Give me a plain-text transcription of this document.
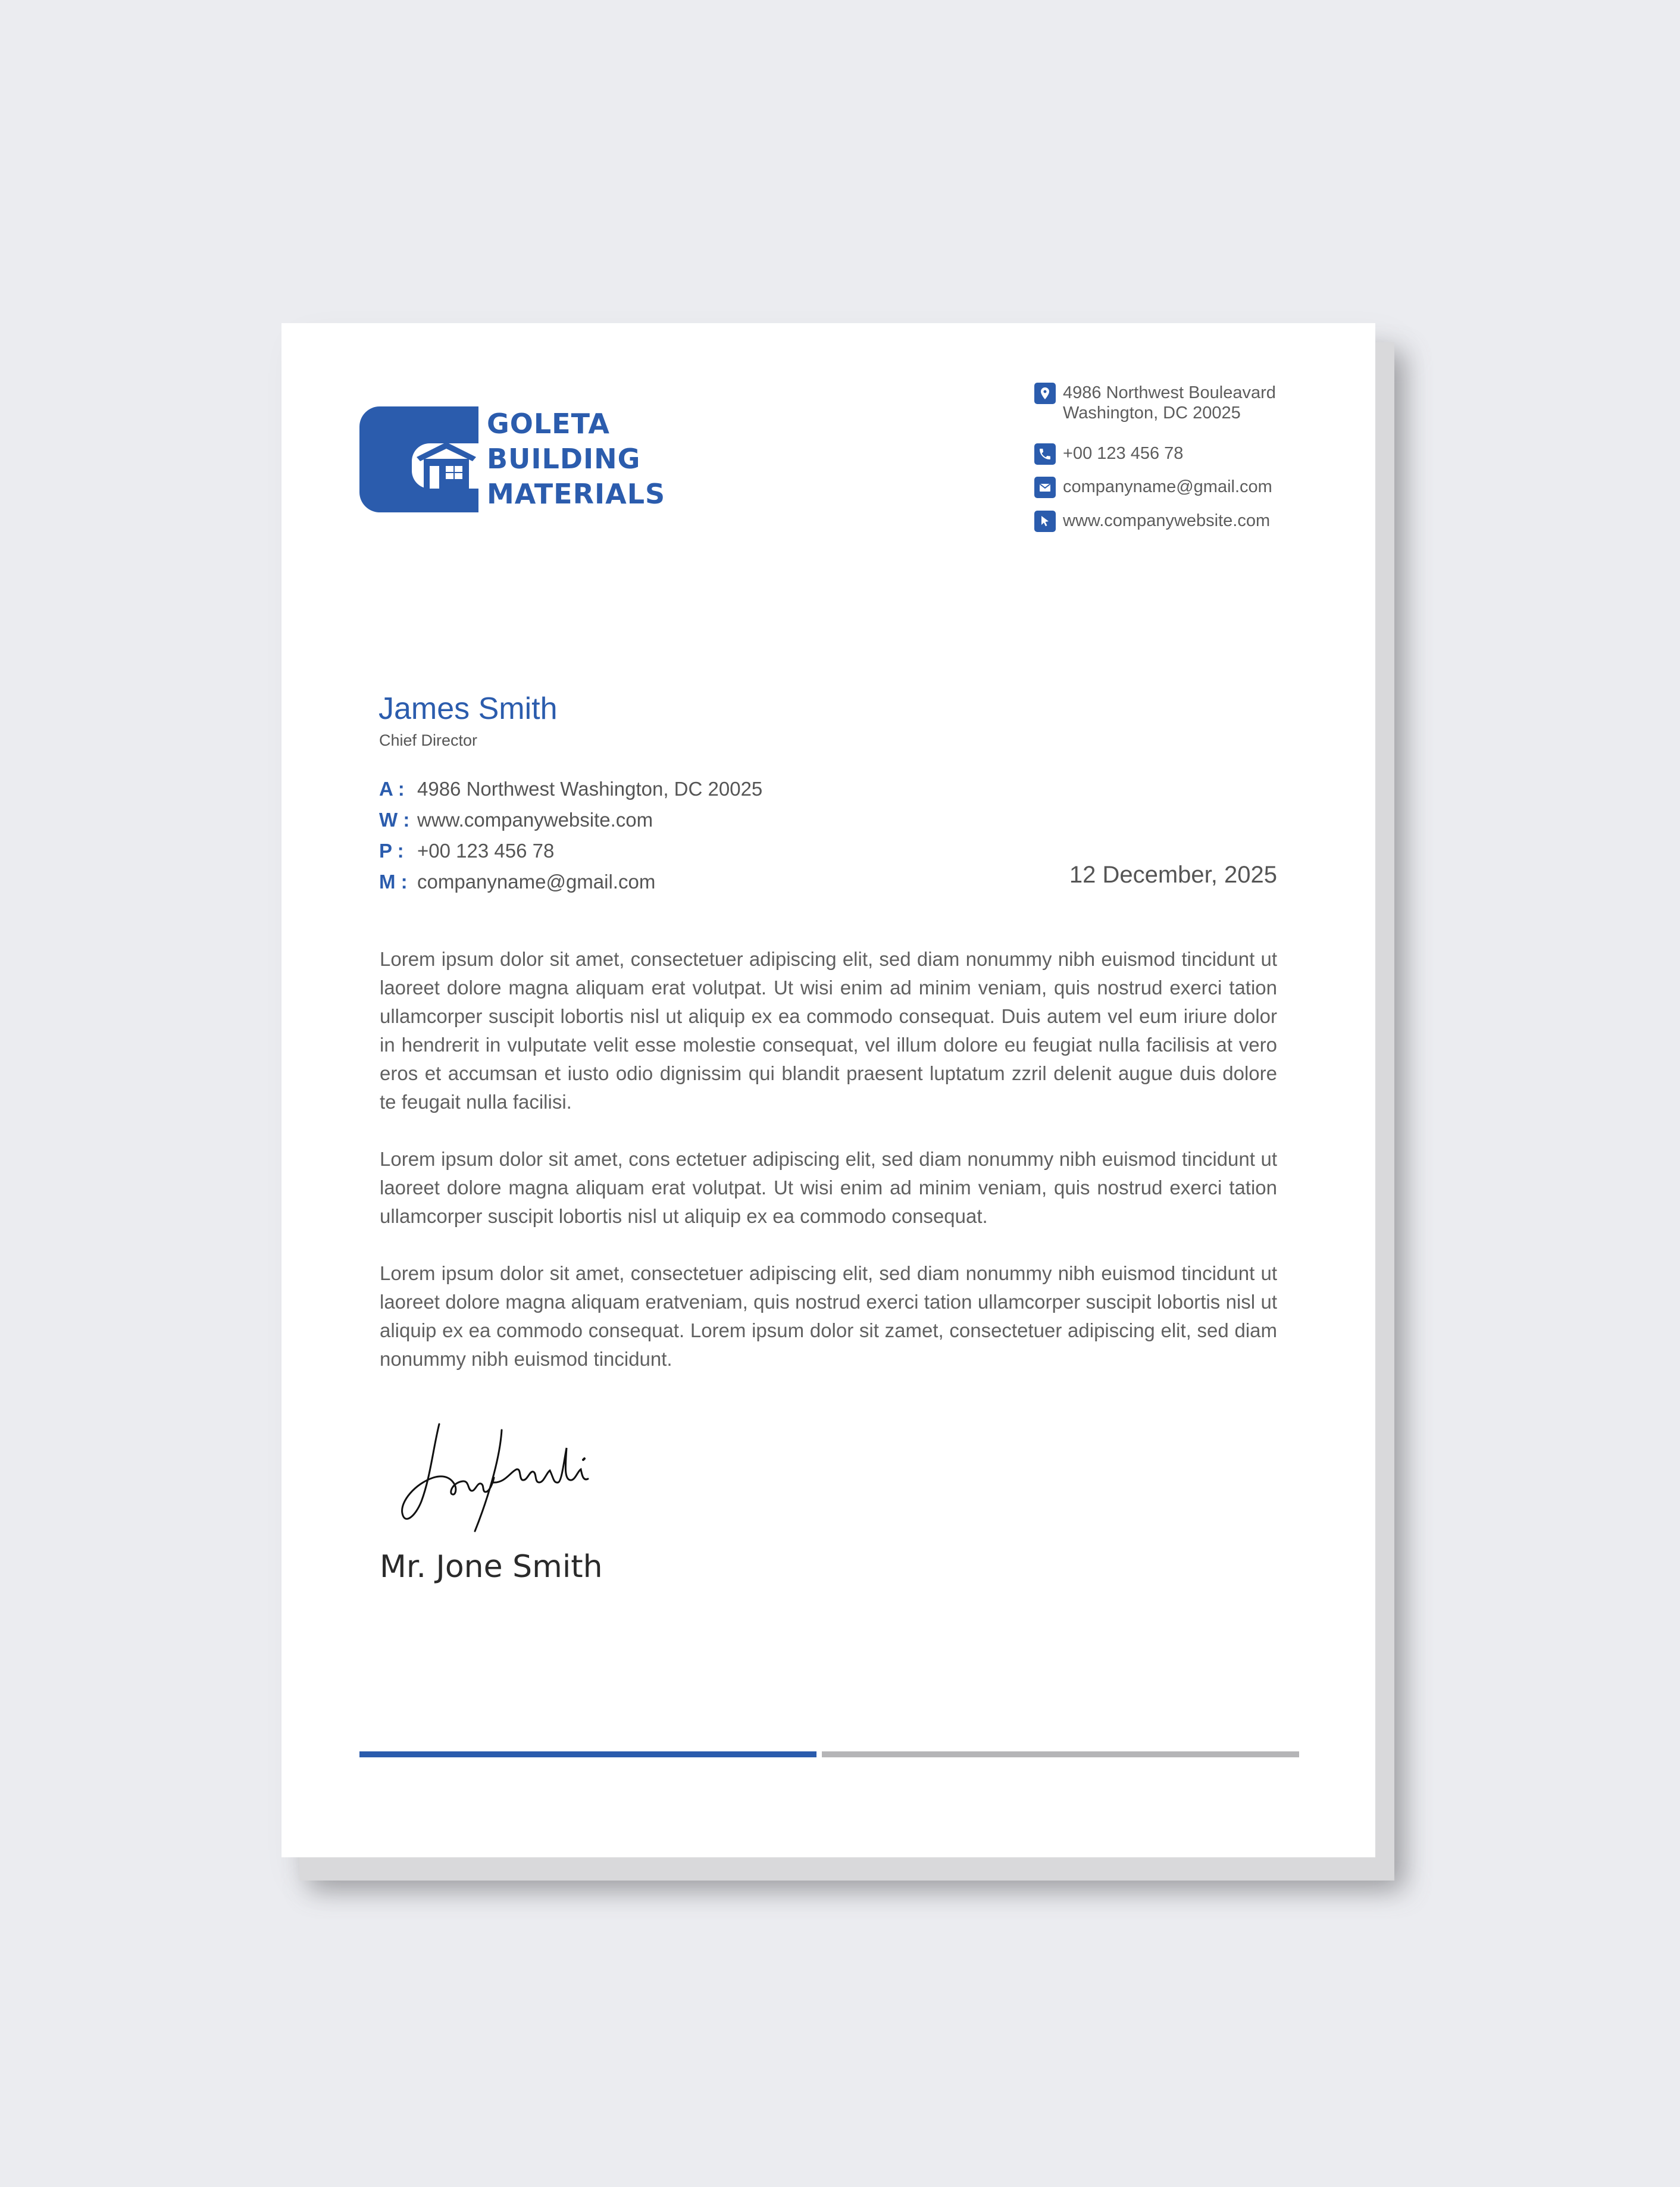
GOLETA
BUILDING
MATERIALS
4986 Northwest Bouleavard
Washington, DC 20025
+00 123 456 78
companyname@gmail.com
www.companywebsite.com
James Smith
Chief Director
A : 4986 Northwest Washington, DC 20025
W : www.companywebsite.com
P : +00 123 456 78
M : companyname@gmail.com	12 December, 2025

Lorem ipsum dolor sit amet, consectetuer adipiscing elit, sed diam nonummy nibh euismod tincidunt ut laoreet dolore magna aliquam erat volutpat. Ut wisi enim ad minim veniam, quis nostrud exerci tation ullamcorper suscipit lobortis nisl ut aliquip ex ea commodo consequat. Duis autem vel eum iriure dolor in hendrerit in vulputate velit esse molestie consequat, vel illum dolore eu feugiat nulla facilisis at vero eros et accumsan et iusto odio dignissim qui blandit praesent luptatum zzril delenit augue duis dolore te feugait nulla facilisi.

Lorem ipsum dolor sit amet, cons ectetuer adipiscing elit, sed diam nonummy nibh euismod tincidunt ut laoreet dolore magna aliquam erat volutpat. Ut wisi enim ad minim veniam, quis nostrud exerci tation ullamcorper suscipit lobortis nisl ut aliquip ex ea commodo consequat.

Lorem ipsum dolor sit amet, consectetuer adipiscing elit, sed diam nonummy nibh euismod tincidunt ut laoreet dolore magna aliquam eratveniam, quis nostrud exerci tation ullamcorper suscipit lobortis nisl ut aliquip ex ea commodo consequat. Lorem ipsum dolor sit zamet, consectetuer adipiscing elit, sed diam nonummy nibh euismod tincidunt.

Mr. Jone Smith
